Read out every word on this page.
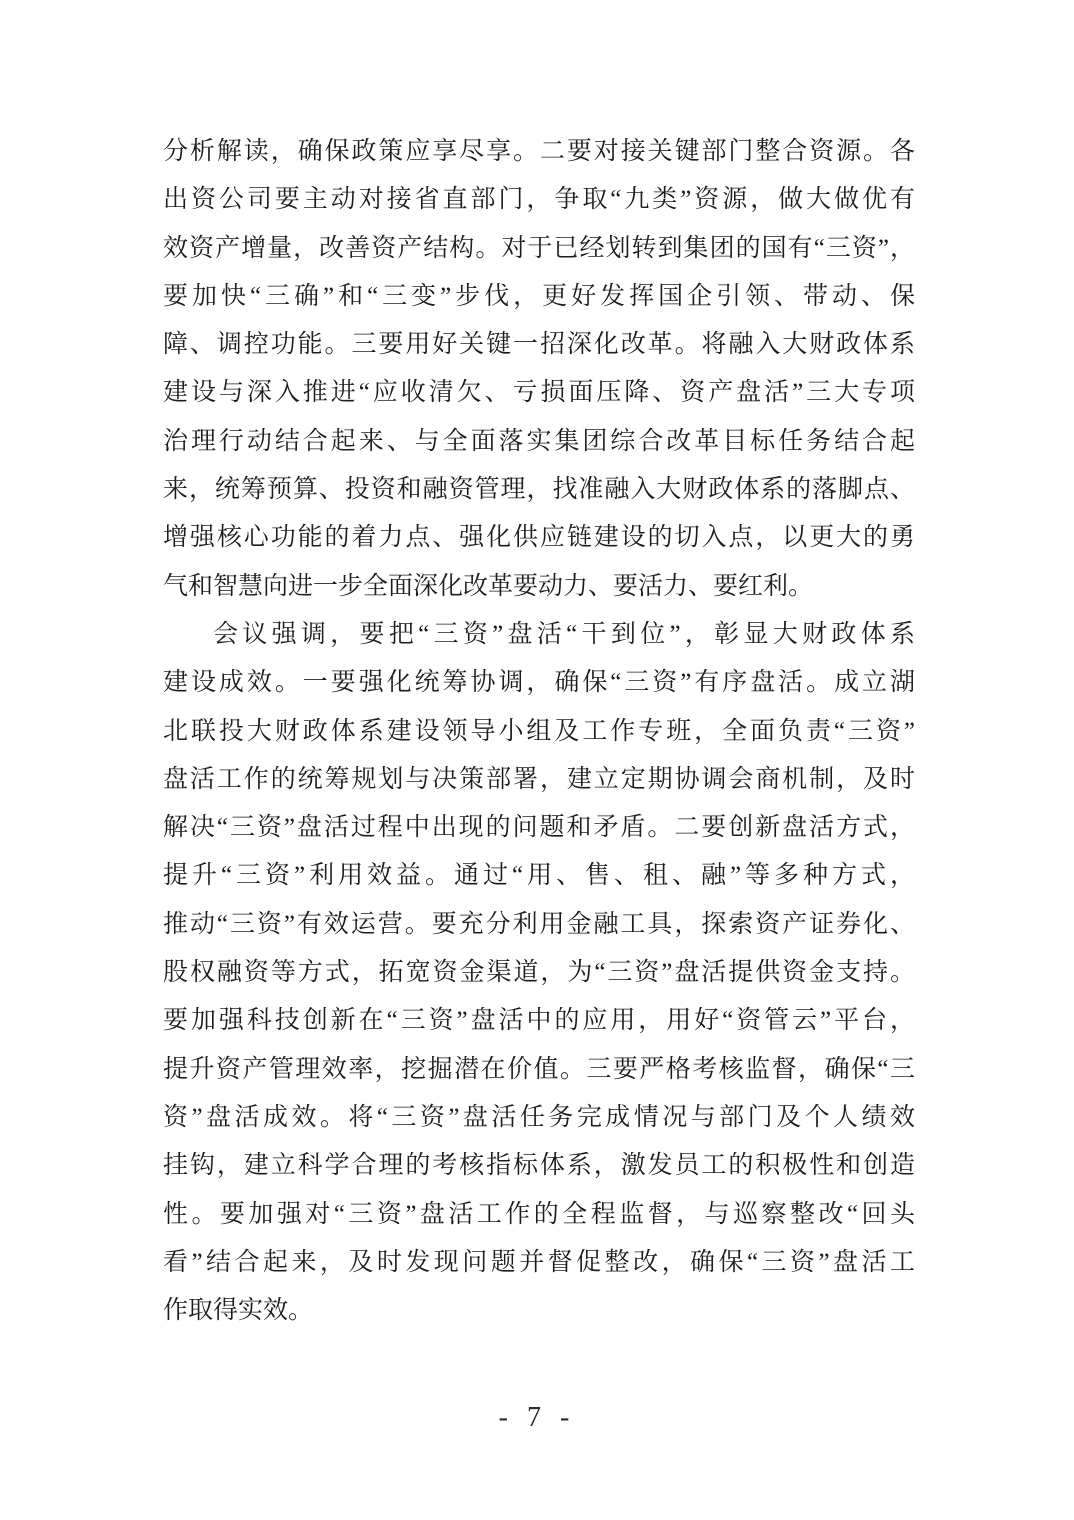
分析解读，确保政策应享尽享。二要对接关键部门整合资源。各
出资公司要主动对接省直部门，争取“九类”资源，做大做优有
效资产增量，改善资产结构。对于已经划转到集团的国有“三资”，
要加快“三确”和“三变”步伐，更好发挥国企引领、带动、保
障、调控功能。三要用好关键一招深化改革。将融入大财政体系
建设与深入推进“应收清欠、亏损面压降、资产盘活”三大专项
治理行动结合起来、与全面落实集团综合改革目标任务结合起
来，统筹预算、投资和融资管理，找准融入大财政体系的落脚点、
增强核心功能的着力点、强化供应链建设的切入点，以更大的勇
气和智慧向进一步全面深化改革要动力、要活力、要红利。
会议强调，要把“三资”盘活“干到位”，彰显大财政体系
建设成效。一要强化统筹协调，确保“三资”有序盘活。成立湖
北联投大财政体系建设领导小组及工作专班，全面负责“三资”
盘活工作的统筹规划与决策部署，建立定期协调会商机制，及时
解决“三资”盘活过程中出现的问题和矛盾。二要创新盘活方式，
提升“三资”利用效益。通过“用、售、租、融”等多种方式，
推动“三资”有效运营。要充分利用金融工具，探索资产证券化、
股权融资等方式，拓宽资金渠道，为“三资”盘活提供资金支持。
要加强科技创新在“三资”盘活中的应用，用好“资管云”平台，
提升资产管理效率，挖掘潜在价值。三要严格考核监督，确保“三
资”盘活成效。将“三资”盘活任务完成情况与部门及个人绩效
挂钩，建立科学合理的考核指标体系，激发员工的积极性和创造
性。要加强对“三资”盘活工作的全程监督，与巡察整改“回头
看”结合起来，及时发现问题并督促整改，确保“三资”盘活工
作取得实效。
- 7 -
